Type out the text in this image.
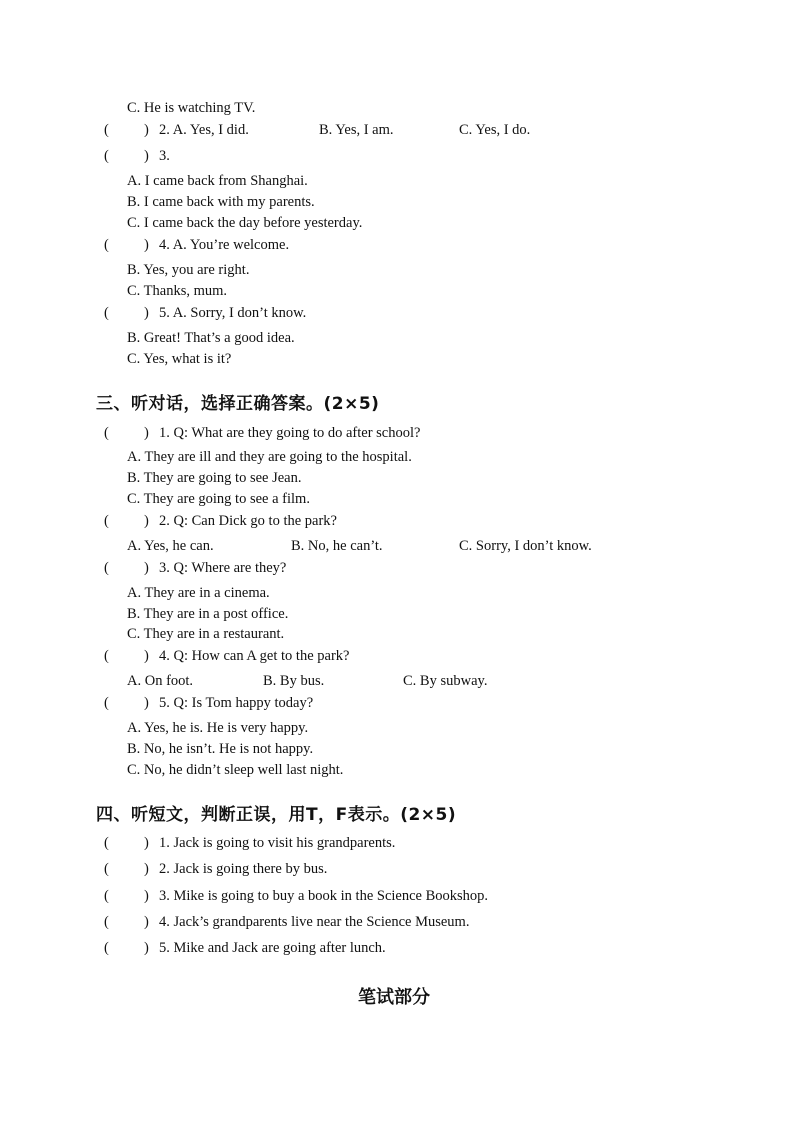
C. He is watching TV.
( ) 2. A. Yes, I did.	B. Yes, I am.	C. Yes, I do.
( ) 3.
A. I came back from Shanghai.
B. I came back with my parents.
C. I came back the day before yesterday.
( ) 4. A. You’re welcome.
B. Yes, you are right.
C. Thanks, mum.
( ) 5. A. Sorry, I don’t know.
B. Great! That’s a good idea.
C. Yes, what is it?
三、听对话，选择正确答案。(2×5)
( ) 1. Q: What are they going to do after school?
A. They are ill and they are going to the hospital.
B. They are going to see Jean.
C. They are going to see a film.
( ) 2. Q: Can Dick go to the park?
A. Yes, he can.	B. No, he can’t.	C. Sorry, I don’t know.
( ) 3. Q: Where are they?
A. They are in a cinema.
B. They are in a post office.
C. They are in a restaurant.
( ) 4. Q: How can A get to the park?
A. On foot.	B. By bus.	C. By subway.
( ) 5. Q: Is Tom happy today?
A. Yes, he is. He is very happy.
B. No, he isn’t. He is not happy.
C. No, he didn’t sleep well last night.
四、听短文，判断正误，用T，F表示。(2×5)
( ) 1. Jack is going to visit his grandparents.
( ) 2. Jack is going there by bus.
( ) 3. Mike is going to buy a book in the Science Bookshop.
( ) 4. Jack’s grandparents live near the Science Museum.
( ) 5. Mike and Jack are going after lunch.
笔试部分
